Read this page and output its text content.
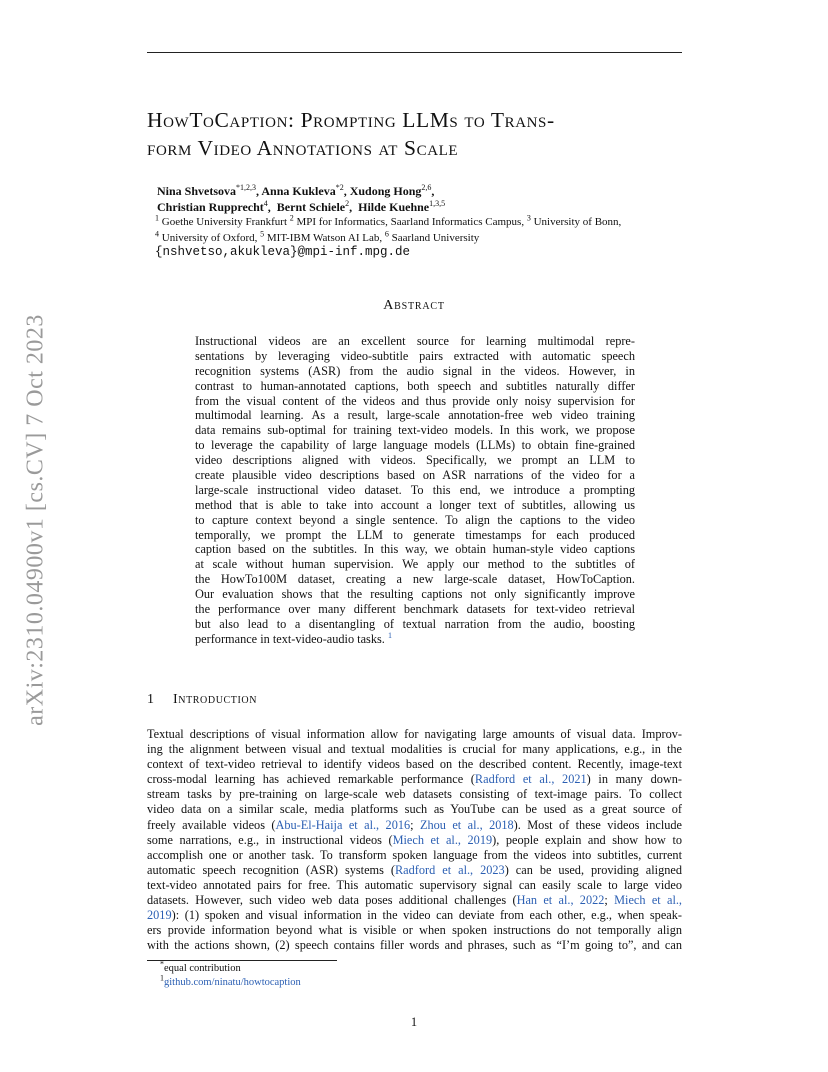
arXiv:2310.04900v1 [cs.CV] 7 Oct 2023
HowToCaption: Prompting LLMs to Trans-
form Video Annotations at Scale
Nina Shvetsova$^{*1,2,3}$, Anna Kukleva$^{*2}$, Xudong Hong$^{2,6}$,
Christian Rupprecht$^4$,  Bernt Schiele$^2$,  Hilde Kuehne$^{1,3,5}$
$^1$ Goethe University Frankfurt $^2$ MPI for Informatics, Saarland Informatics Campus, $^3$ University of Bonn,
$^4$ University of Oxford, $^5$ MIT-IBM Watson AI Lab, $^6$ Saarland University
{nshvetso,akukleva}@mpi-inf.mpg.de
Abstract
Instructional videos are an excellent source for learning multimodal repre-
sentations by leveraging video-subtitle pairs extracted with automatic speech
recognition systems (ASR) from the audio signal in the videos. However, in
contrast to human-annotated captions, both speech and subtitles naturally differ
from the visual content of the videos and thus provide only noisy supervision for
multimodal learning. As a result, large-scale annotation-free web video training
data remains sub-optimal for training text-video models. In this work, we propose
to leverage the capability of large language models (LLMs) to obtain fine-grained
video descriptions aligned with videos. Specifically, we prompt an LLM to
create plausible video descriptions based on ASR narrations of the video for a
large-scale instructional video dataset. To this end, we introduce a prompting
method that is able to take into account a longer text of subtitles, allowing us
to capture context beyond a single sentence. To align the captions to the video
temporally, we prompt the LLM to generate timestamps for each produced
caption based on the subtitles. In this way, we obtain human-style video captions
at scale without human supervision. We apply our method to the subtitles of
the HowTo100M dataset, creating a new large-scale dataset, HowToCaption.
Our evaluation shows that the resulting captions not only significantly improve
the performance over many different benchmark datasets for text-video retrieval
but also lead to a disentangling of textual narration from the audio, boosting
performance in text-video-audio tasks. $^1$
1 Introduction
Textual descriptions of visual information allow for navigating large amounts of visual data. Improv-
ing the alignment between visual and textual modalities is crucial for many applications, e.g., in the
context of text-video retrieval to identify videos based on the described content. Recently, image-text
cross-modal learning has achieved remarkable performance (Radford et al., 2021) in many down-
stream tasks by pre-training on large-scale web datasets consisting of text-image pairs. To collect
video data on a similar scale, media platforms such as YouTube can be used as a great source of
freely available videos (Abu-El-Haija et al., 2016; Zhou et al., 2018). Most of these videos include
some narrations, e.g., in instructional videos (Miech et al., 2019), people explain and show how to
accomplish one or another task. To transform spoken language from the videos into subtitles, current
automatic speech recognition (ASR) systems (Radford et al., 2023) can be used, providing aligned
text-video annotated pairs for free. This automatic supervisory signal can easily scale to large video
datasets. However, such video web data poses additional challenges (Han et al., 2022; Miech et al.,
2019): (1) spoken and visual information in the video can deviate from each other, e.g., when speak-
ers provide information beyond what is visible or when spoken instructions do not temporally align
with the actions shown, (2) speech contains filler words and phrases, such as “I’m going to”, and can
*equal contribution
$^1$github.com/ninatu/howtocaption
1
